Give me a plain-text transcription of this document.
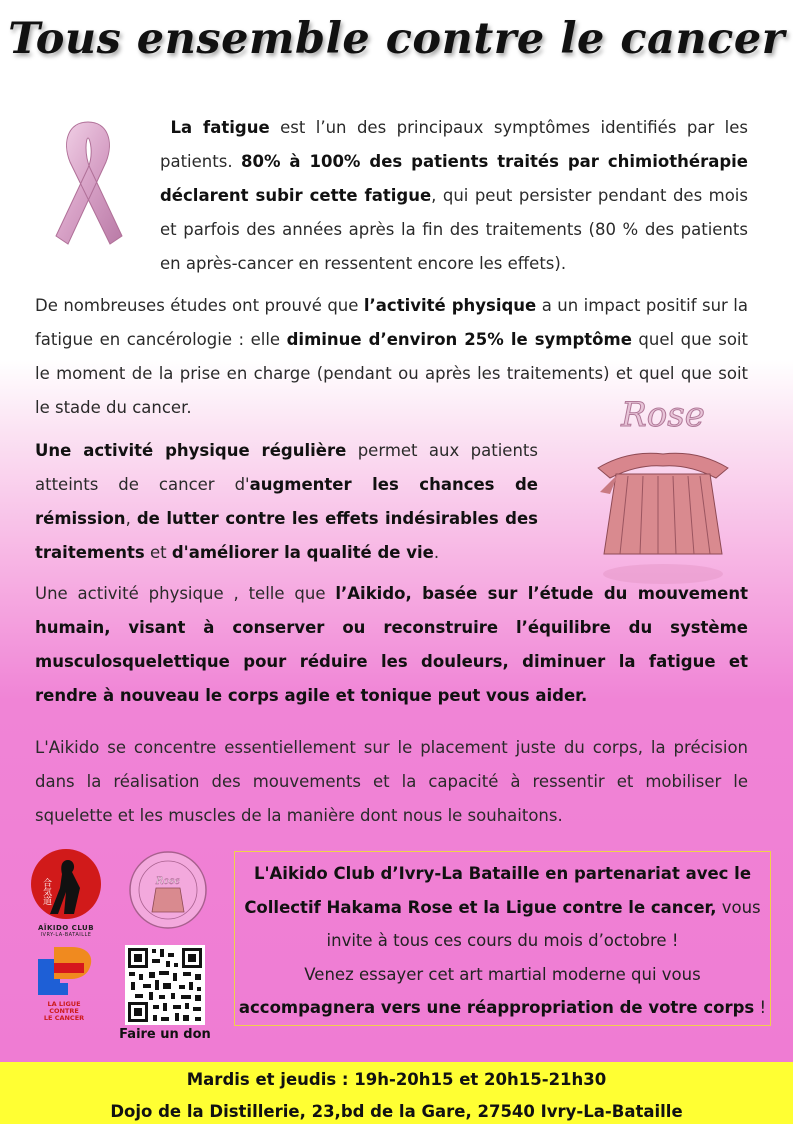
Tous ensemble contre le cancer

La fatigue est l’un des principaux symptômes identifiés par les patients. 80% à 100% des patients traités par chimiothérapie déclarent subir cette fatigue, qui peut persister pendant des mois et parfois des années après la fin des traitements (80 % des patients en après-cancer en ressentent encore les effets).

De nombreuses études ont prouvé que l’activité physique a un impact positif sur la fatigue en cancérologie : elle diminue d’environ 25% le symptôme quel que soit le moment de la prise en charge (pendant ou après les traitements) et quel que soit le stade du cancer.

Une activité physique régulière permet aux patients atteints de cancer d'augmenter les chances de rémission, de lutter contre les effets indésirables des traitements et d'améliorer la qualité de vie.

Rose

Une activité physique , telle que l’Aikido, basée sur l’étude du mouvement humain, visant à conserver ou reconstruire l’équilibre du système musculosquelettique pour réduire les douleurs, diminuer la fatigue et rendre à nouveau le corps agile et tonique peut vous aider.

L'Aikido se concentre essentiellement sur le placement juste du corps, la précision dans la réalisation des mouvements et la capacité à ressentir et mobiliser le squelette et les muscles de la manière dont nous le souhaitons.

合気道
AÏKIDO CLUB
IVRY-LA-BATAILLE
Rose
LA LIGUE
CONTRE
LE CANCER
Faire un don
L'Aikido Club d’Ivry-La Bataille en partenariat avec le Collectif Hakama Rose et la Ligue contre le cancer, vous invite à tous ces cours du mois d’octobre !
Venez essayer cet art martial moderne qui vous
accompagnera vers une réappropriation de votre corps !
Mardis et jeudis : 19h-20h15 et 20h15-21h30
Dojo de la Distillerie, 23,bd de la Gare, 27540 Ivry-La-Bataille
